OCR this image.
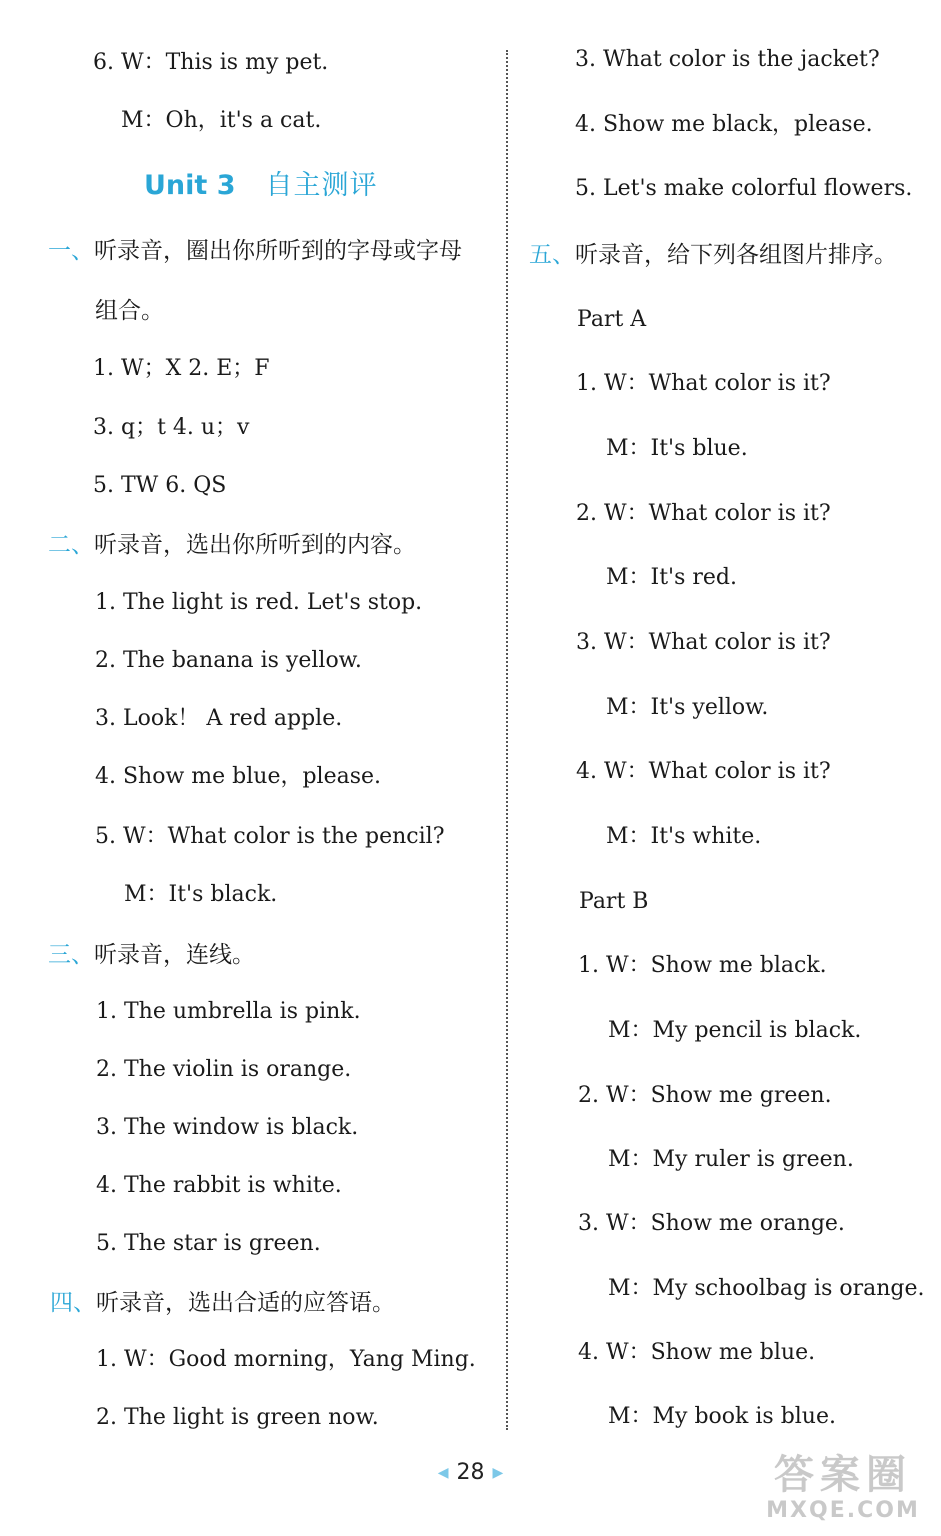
6. W：This is my pet.
M：Oh，it's a cat.
Unit 3 自主测评
一、听录音，圈出你所听到的字母或字母
组合。
1. W；X 2. E；F
3. q；t 4. u；v
5. TW 6. QS
二、听录音，选出你所听到的内容。
1. The light is red. Let's stop.
2. The banana is yellow.
3. Look！ A red apple.
4. Show me blue，please.
5. W：What color is the pencil?
M：It's black.
三、听录音，连线。
1. The umbrella is pink.
2. The violin is orange.
3. The window is black.
4. The rabbit is white.
5. The star is green.
四、听录音，选出合适的应答语。
1. W：Good morning，Yang Ming.
2. The light is green now.
3. What color is the jacket?
4. Show me black，please.
5. Let's make colorful flowers.
五、听录音，给下列各组图片排序。
Part A
1. W：What color is it?
M：It's blue.
2. W：What color is it?
M：It's red.
3. W：What color is it?
M：It's yellow.
4. W：What color is it?
M：It's white.
Part B
1. W：Show me black.
M：My pencil is black.
2. W：Show me green.
M：My ruler is green.
3. W：Show me orange.
M：My schoolbag is orange.
4. W：Show me blue.
M：My book is blue.
◀ 28 ▶	答案圈
MXQE.COM
